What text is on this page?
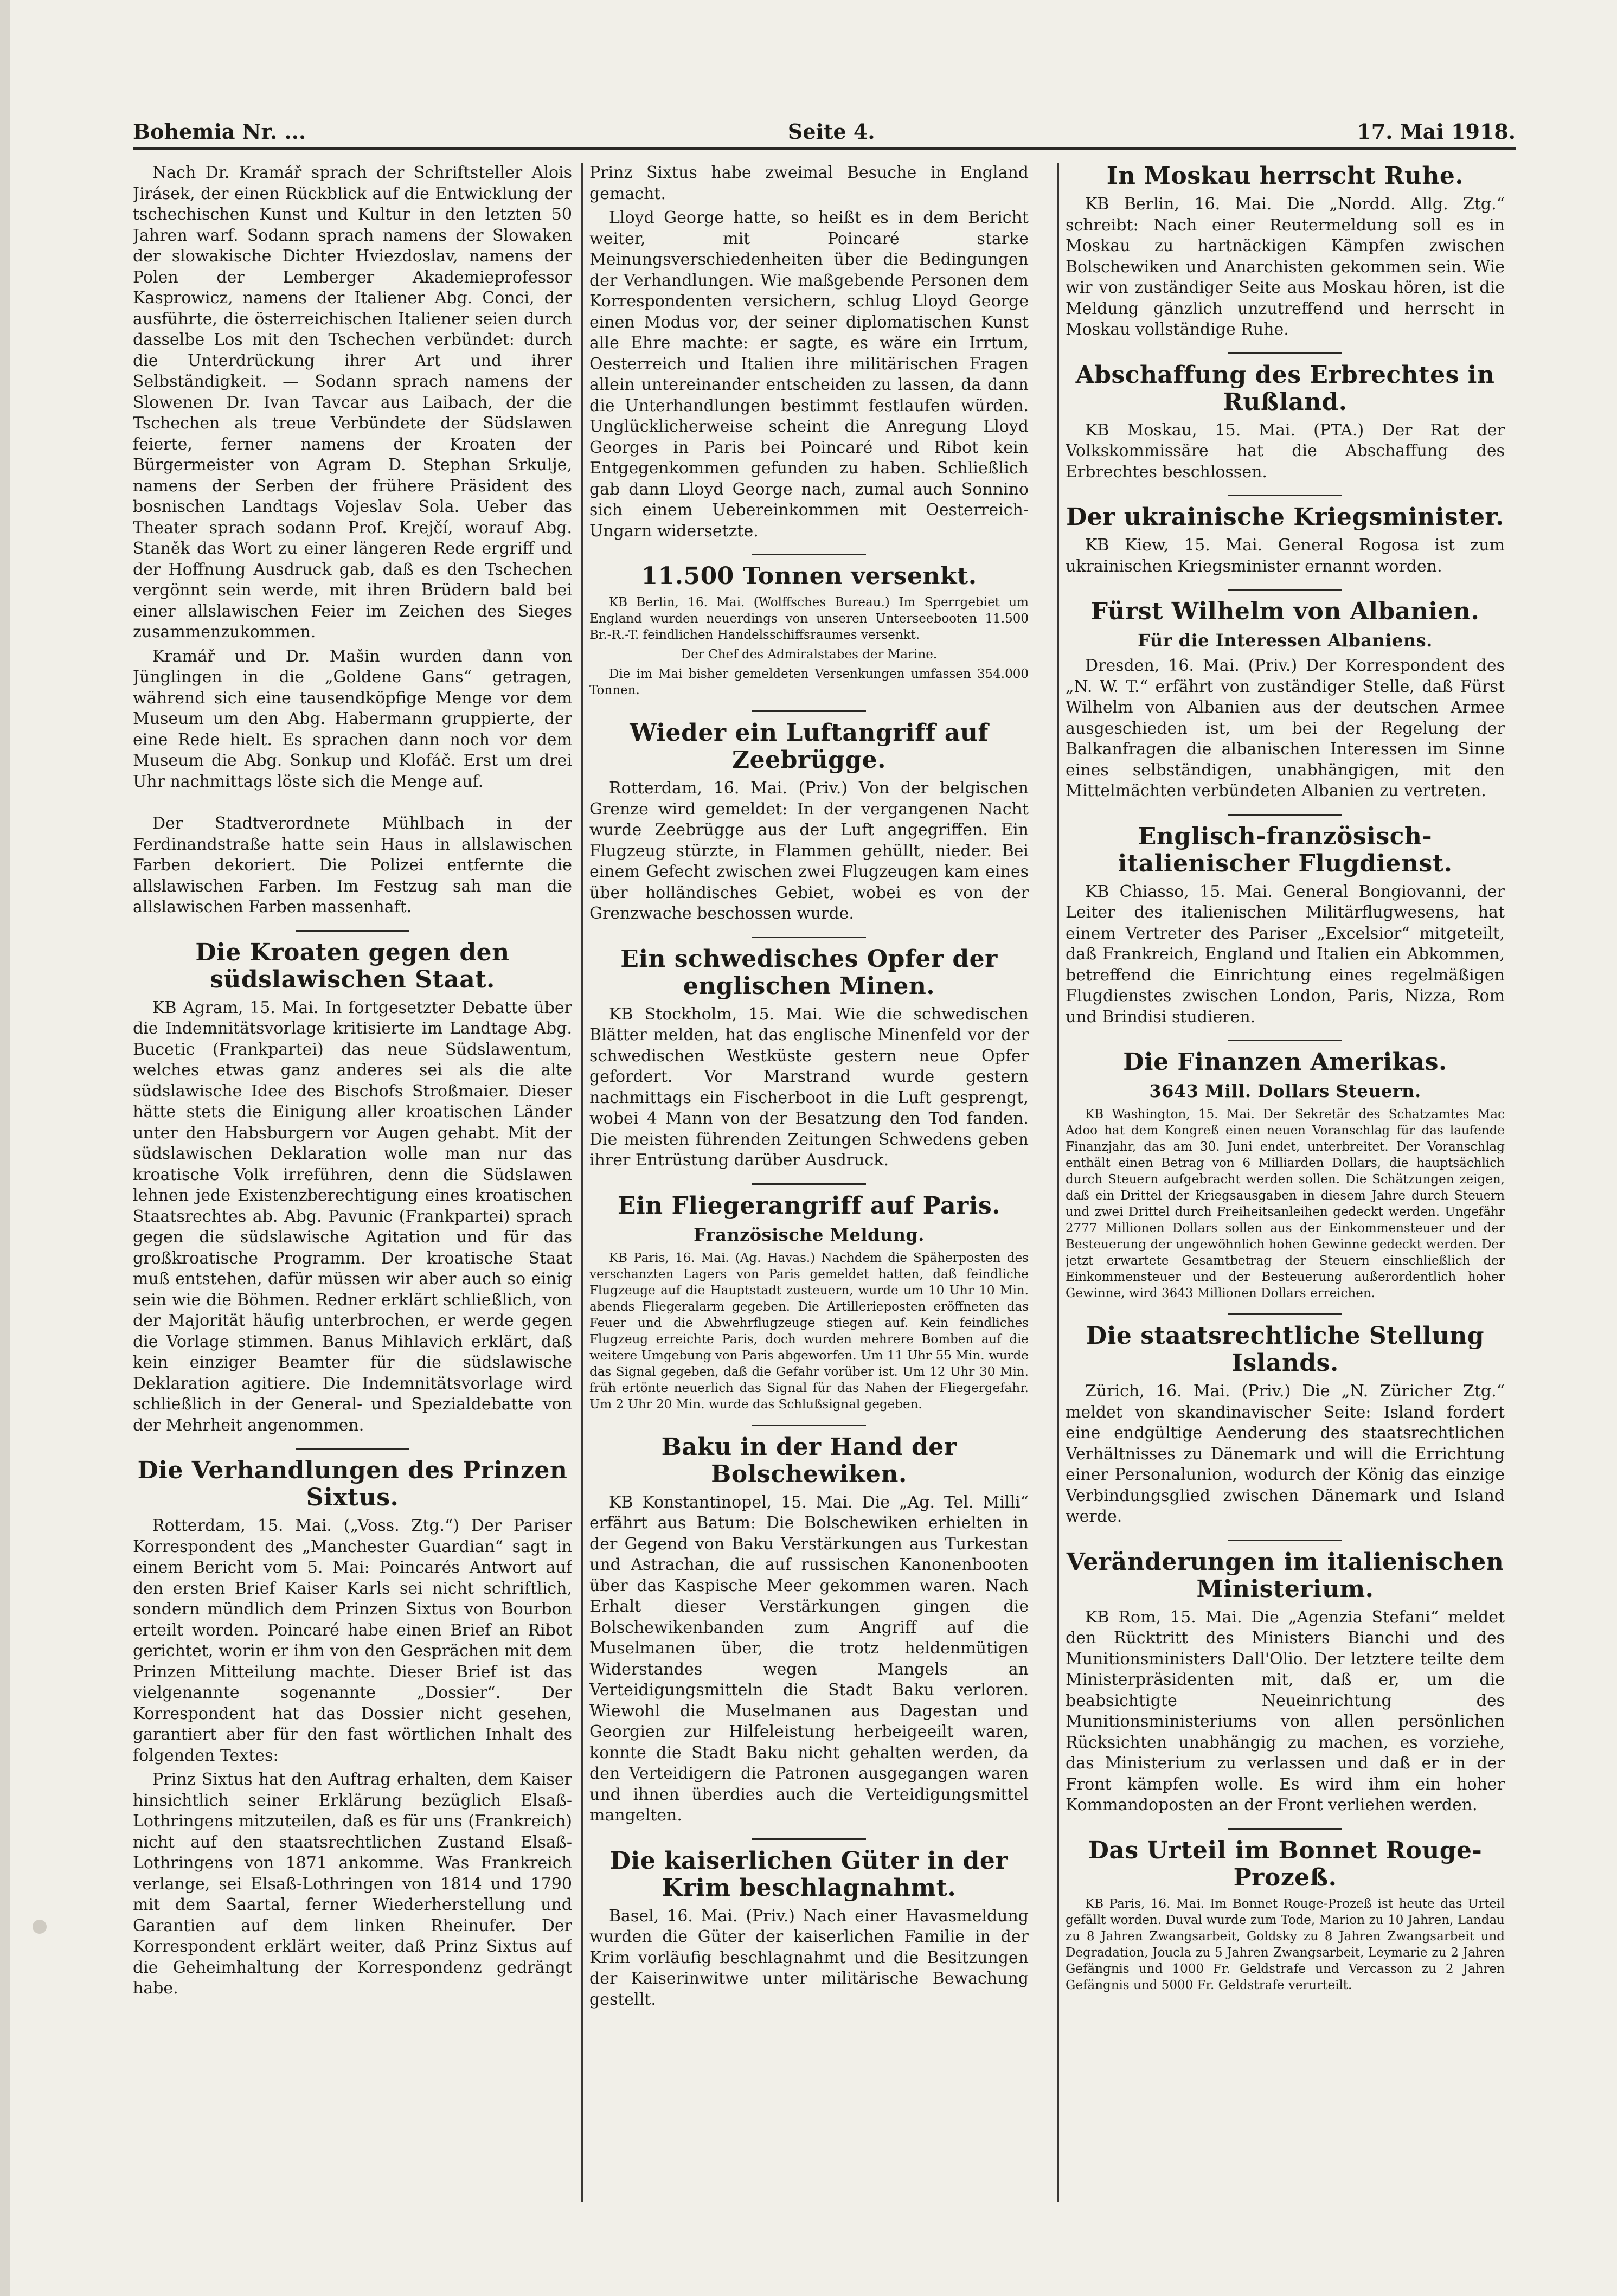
Bohemia Nr. ...	Seite 4.	17. Mai 1918.

Nach Dr. Kramář sprach der Schriftsteller Alois Jirásek, der einen Rückblick auf die Entwicklung der tschechischen Kunst und Kultur in den letzten 50 Jahren warf. Sodann sprach namens der Slowaken der slowakische Dichter Hviezdoslav, namens der Polen der Lemberger Akademieprofessor Kasprowicz, namens der Italiener Abg. Conci, der ausführte, die österreichischen Italiener seien durch dasselbe Los mit den Tschechen verbündet: durch die Unterdrückung ihrer Art und ihrer Selbständigkeit. — Sodann sprach namens der Slowenen Dr. Ivan Tavcar aus Laibach, der die Tschechen als treue Verbündete der Südslawen feierte, ferner namens der Kroaten der Bürgermeister von Agram D. Stephan Srkulje, namens der Serben der frühere Präsident des bosnischen Landtags Vojeslav Sola. Ueber das Theater sprach sodann Prof. Krejčí, worauf Abg. Staněk das Wort zu einer längeren Rede ergriff und der Hoffnung Ausdruck gab, daß es den Tschechen vergönnt sein werde, mit ihren Brüdern bald bei einer allslawischen Feier im Zeichen des Sieges zusammenzukommen.

Kramář und Dr. Mašin wurden dann von Jünglingen in die „Goldene Gans“ getragen, während sich eine tausendköpfige Menge vor dem Museum um den Abg. Habermann gruppierte, der eine Rede hielt. Es sprachen dann noch vor dem Museum die Abg. Sonkup und Klofáč. Erst um drei Uhr nachmittags löste sich die Menge auf.

Der Stadtverordnete Mühlbach in der Ferdinandstraße hatte sein Haus in allslawischen Farben dekoriert. Die Polizei entfernte die allslawischen Farben. Im Festzug sah man die allslawischen Farben massenhaft.

Die Kroaten gegen den südslawischen Staat.

KB Agram, 15. Mai. In fortgesetzter Debatte über die Indemnitätsvorlage kritisierte im Landtage Abg. Bucetic (Frankpartei) das neue Südslawentum, welches etwas ganz anderes sei als die alte südslawische Idee des Bischofs Stroßmaier. Dieser hätte stets die Einigung aller kroatischen Länder unter den Habsburgern vor Augen gehabt. Mit der südslawischen Deklaration wolle man nur das kroatische Volk irreführen, denn die Südslawen lehnen jede Existenzberechtigung eines kroatischen Staatsrechtes ab. Abg. Pavunic (Frankpartei) sprach gegen die südslawische Agitation und für das großkroatische Programm. Der kroatische Staat muß entstehen, dafür müssen wir aber auch so einig sein wie die Böhmen. Redner erklärt schließlich, von der Majorität häufig unterbrochen, er werde gegen die Vorlage stimmen. Banus Mihlavich erklärt, daß kein einziger Beamter für die südslawische Deklaration agitiere. Die Indemnitätsvorlage wird schließlich in der General- und Spezialdebatte von der Mehrheit angenommen.

Die Verhandlungen des Prinzen Sixtus.

Rotterdam, 15. Mai. („Voss. Ztg.“) Der Pariser Korrespondent des „Manchester Guardian“ sagt in einem Bericht vom 5. Mai: Poincarés Antwort auf den ersten Brief Kaiser Karls sei nicht schriftlich, sondern mündlich dem Prinzen Sixtus von Bourbon erteilt worden. Poincaré habe einen Brief an Ribot gerichtet, worin er ihm von den Gesprächen mit dem Prinzen Mitteilung machte. Dieser Brief ist das vielgenannte sogenannte „Dossier“. Der Korrespondent hat das Dossier nicht gesehen, garantiert aber für den fast wörtlichen Inhalt des folgenden Textes:

Prinz Sixtus hat den Auftrag erhalten, dem Kaiser hinsichtlich seiner Erklärung bezüglich Elsaß-Lothringens mitzuteilen, daß es für uns (Frankreich) nicht auf den staatsrechtlichen Zustand Elsaß-Lothringens von 1871 ankomme. Was Frankreich verlange, sei Elsaß-Lothringen von 1814 und 1790 mit dem Saartal, ferner Wiederherstellung und Garantien auf dem linken Rheinufer. Der Korrespondent erklärt weiter, daß Prinz Sixtus auf die Geheimhaltung der Korrespondenz gedrängt habe.

Prinz Sixtus habe zweimal Besuche in England gemacht.

Lloyd George hatte, so heißt es in dem Bericht weiter, mit Poincaré starke Meinungsverschiedenheiten über die Bedingungen der Verhandlungen. Wie maßgebende Personen dem Korrespondenten versichern, schlug Lloyd George einen Modus vor, der seiner diplomatischen Kunst alle Ehre machte: er sagte, es wäre ein Irrtum, Oesterreich und Italien ihre militärischen Fragen allein untereinander entscheiden zu lassen, da dann die Unterhandlungen bestimmt festlaufen würden. Unglücklicherweise scheint die Anregung Lloyd Georges in Paris bei Poincaré und Ribot kein Entgegenkommen gefunden zu haben. Schließlich gab dann Lloyd George nach, zumal auch Sonnino sich einem Uebereinkommen mit Oesterreich-Ungarn widersetzte.

11.500 Tonnen versenkt.

KB Berlin, 16. Mai. (Wolffsches Bureau.) Im Sperrgebiet um England wurden neuerdings von unseren Unterseebooten 11.500 Br.-R.-T. feindlichen Handelsschiffsraumes versenkt.

Der Chef des Admiralstabes der Marine.

Die im Mai bisher gemeldeten Versenkungen umfassen 354.000 Tonnen.

Wieder ein Luftangriff auf Zeebrügge.

Rotterdam, 16. Mai. (Priv.) Von der belgischen Grenze wird gemeldet: In der vergangenen Nacht wurde Zeebrügge aus der Luft angegriffen. Ein Flugzeug stürzte, in Flammen gehüllt, nieder. Bei einem Gefecht zwischen zwei Flugzeugen kam eines über holländisches Gebiet, wobei es von der Grenzwache beschossen wurde.

Ein schwedisches Opfer der englischen Minen.

KB Stockholm, 15. Mai. Wie die schwedischen Blätter melden, hat das englische Minenfeld vor der schwedischen Westküste gestern neue Opfer gefordert. Vor Marstrand wurde gestern nachmittags ein Fischerboot in die Luft gesprengt, wobei 4 Mann von der Besatzung den Tod fanden. Die meisten führenden Zeitungen Schwedens geben ihrer Entrüstung darüber Ausdruck.

Ein Fliegerangriff auf Paris.
Französische Meldung.

KB Paris, 16. Mai. (Ag. Havas.) Nachdem die Späherposten des verschanzten Lagers von Paris gemeldet hatten, daß feindliche Flugzeuge auf die Hauptstadt zusteuern, wurde um 10 Uhr 10 Min. abends Fliegeralarm gegeben. Die Artillerieposten eröffneten das Feuer und die Abwehrflugzeuge stiegen auf. Kein feindliches Flugzeug erreichte Paris, doch wurden mehrere Bomben auf die weitere Umgebung von Paris abgeworfen. Um 11 Uhr 55 Min. wurde das Signal gegeben, daß die Gefahr vorüber ist. Um 12 Uhr 30 Min. früh ertönte neuerlich das Signal für das Nahen der Fliegergefahr. Um 2 Uhr 20 Min. wurde das Schlußsignal gegeben.

Baku in der Hand der Bolschewiken.

KB Konstantinopel, 15. Mai. Die „Ag. Tel. Milli“ erfährt aus Batum: Die Bolschewiken erhielten in der Gegend von Baku Verstärkungen aus Turkestan und Astrachan, die auf russischen Kanonenbooten über das Kaspische Meer gekommen waren. Nach Erhalt dieser Verstärkungen gingen die Bolschewikenbanden zum Angriff auf die Muselmanen über, die trotz heldenmütigen Widerstandes wegen Mangels an Verteidigungsmitteln die Stadt Baku verloren. Wiewohl die Muselmanen aus Dagestan und Georgien zur Hilfeleistung herbeigeeilt waren, konnte die Stadt Baku nicht gehalten werden, da den Verteidigern die Patronen ausgegangen waren und ihnen überdies auch die Verteidigungsmittel mangelten.

Die kaiserlichen Güter in der Krim beschlagnahmt.

Basel, 16. Mai. (Priv.) Nach einer Havasmeldung wurden die Güter der kaiserlichen Familie in der Krim vorläufig beschlagnahmt und die Besitzungen der Kaiserinwitwe unter militärische Bewachung gestellt.

In Moskau herrscht Ruhe.

KB Berlin, 16. Mai. Die „Nordd. Allg. Ztg.“ schreibt: Nach einer Reutermeldung soll es in Moskau zu hartnäckigen Kämpfen zwischen Bolschewiken und Anarchisten gekommen sein. Wie wir von zuständiger Seite aus Moskau hören, ist die Meldung gänzlich unzutreffend und herrscht in Moskau vollständige Ruhe.

Abschaffung des Erbrechtes in Rußland.

KB Moskau, 15. Mai. (PTA.) Der Rat der Volkskommissäre hat die Abschaffung des Erbrechtes beschlossen.

Der ukrainische Kriegsminister.

KB Kiew, 15. Mai. General Rogosa ist zum ukrainischen Kriegsminister ernannt worden.

Fürst Wilhelm von Albanien.
Für die Interessen Albaniens.

Dresden, 16. Mai. (Priv.) Der Korrespondent des „N. W. T.“ erfährt von zuständiger Stelle, daß Fürst Wilhelm von Albanien aus der deutschen Armee ausgeschieden ist, um bei der Regelung der Balkanfragen die albanischen Interessen im Sinne eines selbständigen, unabhängigen, mit den Mittelmächten verbündeten Albanien zu vertreten.

Englisch-französisch-italienischer Flugdienst.

KB Chiasso, 15. Mai. General Bongiovanni, der Leiter des italienischen Militärflugwesens, hat einem Vertreter des Pariser „Excelsior“ mitgeteilt, daß Frankreich, England und Italien ein Abkommen, betreffend die Einrichtung eines regelmäßigen Flugdienstes zwischen London, Paris, Nizza, Rom und Brindisi studieren.

Die Finanzen Amerikas.
3643 Mill. Dollars Steuern.

KB Washington, 15. Mai. Der Sekretär des Schatzamtes Mac Adoo hat dem Kongreß einen neuen Voranschlag für das laufende Finanzjahr, das am 30. Juni endet, unterbreitet. Der Voranschlag enthält einen Betrag von 6 Milliarden Dollars, die hauptsächlich durch Steuern aufgebracht werden sollen. Die Schätzungen zeigen, daß ein Drittel der Kriegsausgaben in diesem Jahre durch Steuern und zwei Drittel durch Freiheitsanleihen gedeckt werden. Ungefähr 2777 Millionen Dollars sollen aus der Einkommensteuer und der Besteuerung der ungewöhnlich hohen Gewinne gedeckt werden. Der jetzt erwartete Gesamtbetrag der Steuern einschließlich der Einkommensteuer und der Besteuerung außerordentlich hoher Gewinne, wird 3643 Millionen Dollars erreichen.

Die staatsrechtliche Stellung Islands.

Zürich, 16. Mai. (Priv.) Die „N. Züricher Ztg.“ meldet von skandinavischer Seite: Island fordert eine endgültige Aenderung des staatsrechtlichen Verhältnisses zu Dänemark und will die Errichtung einer Personalunion, wodurch der König das einzige Verbindungsglied zwischen Dänemark und Island werde.

Veränderungen im italienischen Ministerium.

KB Rom, 15. Mai. Die „Agenzia Stefani“ meldet den Rücktritt des Ministers Bianchi und des Munitionsministers Dall'Olio. Der letztere teilte dem Ministerpräsidenten mit, daß er, um die beabsichtigte Neueinrichtung des Munitionsministeriums von allen persönlichen Rücksichten unabhängig zu machen, es vorziehe, das Ministerium zu verlassen und daß er in der Front kämpfen wolle. Es wird ihm ein hoher Kommandoposten an der Front verliehen werden.

Das Urteil im Bonnet Rouge-Prozeß.

KB Paris, 16. Mai. Im Bonnet Rouge-Prozeß ist heute das Urteil gefällt worden. Duval wurde zum Tode, Marion zu 10 Jahren, Landau zu 8 Jahren Zwangsarbeit, Goldsky zu 8 Jahren Zwangsarbeit und Degradation, Joucla zu 5 Jahren Zwangsarbeit, Leymarie zu 2 Jahren Gefängnis und 1000 Fr. Geldstrafe und Vercasson zu 2 Jahren Gefängnis und 5000 Fr. Geldstrafe verurteilt.
